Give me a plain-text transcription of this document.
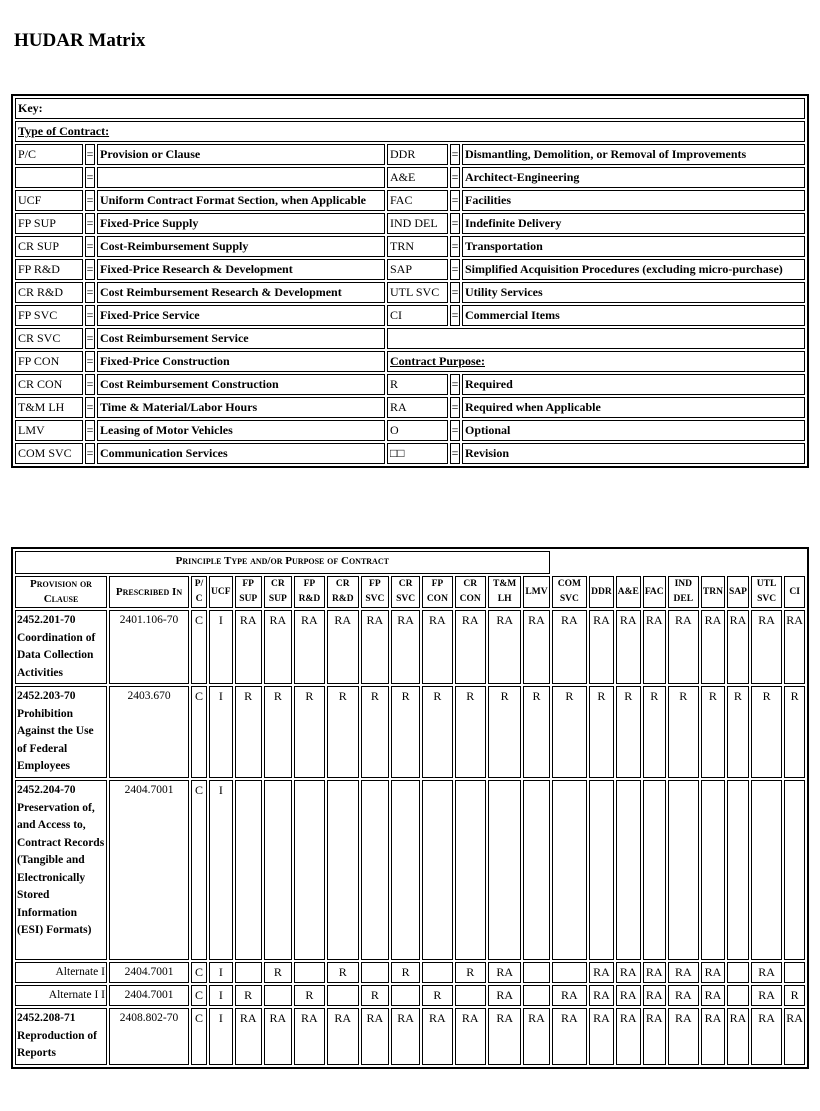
HUDAR Matrix
Key:					
Type of Contract:					
P/C	=	Provision or Clause	DDR	=	Dismantling, Demolition, or Removal of Improvements
	=		A&E	=	Architect-Engineering
UCF	=	Uniform Contract Format Section, when Applicable	FAC	=	Facilities
FP SUP	=	Fixed-Price Supply	IND DEL	=	Indefinite Delivery
CR SUP	=	Cost-Reimbursement Supply	TRN	=	Transportation
FP R&D	=	Fixed-Price Research & Development	SAP	=	Simplified Acquisition Procedures (excluding micro-purchase)
CR R&D	=	Cost Reimbursement Research & Development	UTL SVC	=	Utility Services
FP SVC	=	Fixed-Price Service	CI	=	Commercial Items
CR SVC	=	Cost Reimbursement Service			
FP CON	=	Fixed-Price Construction	Contract Purpose:		
CR CON	=	Cost Reimbursement Construction	R	=	Required
T&M LH	=	Time & Material/Labor Hours	RA	=	Required when Applicable
LMV	=	Leasing of Motor Vehicles	O	=	Optional
COM SVC	=	Communication Services	□□	=	Revision
Principle Type and/or Purpose of Contract																						
Provision or Clause	Prescribed In	P/ C	UCF	FP SUP	CR SUP	FP R&D	CR R&D	FP SVC	CR SVC	FP CON	CR CON	T&M LH	LMV	COM SVC	DDR	A&E	FAC	IND DEL	TRN	SAP	UTL SVC	CI
2452.201-70 Coordination of Data Collection Activities	2401.106-70	C	I	RA	RA	RA	RA	RA	RA	RA	RA	RA	RA	RA	RA	RA	RA	RA	RA	RA	RA	RA
2452.203-70 Prohibition Against the Use of Federal Employees	2403.670	C	I	R	R	R	R	R	R	R	R	R	R	R	R	R	R	R	R	R	R	R
2452.204-70 Preservation of, and Access to, Contract Records (Tangible and Electronically Stored Information (ESI) Formats)	2404.7001	C	I																			
Alternate I	2404.7001	C	I		R		R		R		R	RA			RA	RA	RA	RA	RA		RA	
Alternate I I	2404.7001	C	I	R		R		R		R		RA		RA	RA	RA	RA	RA	RA		RA	R
2452.208-71 Reproduction of Reports	2408.802-70	C	I	RA	RA	RA	RA	RA	RA	RA	RA	RA	RA	RA	RA	RA	RA	RA	RA	RA	RA	RA
